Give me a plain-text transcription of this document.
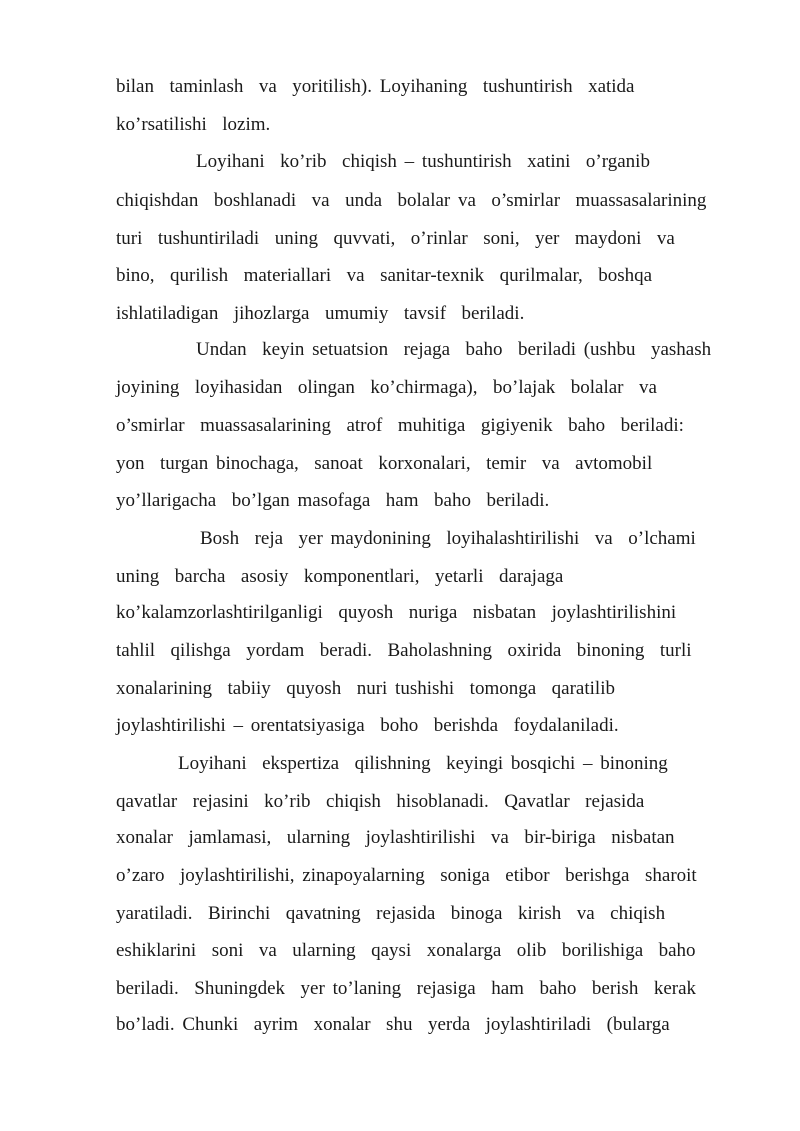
bilan  taminlash  va  yoritilish). Loyihaning  tushuntirish  xatida
ko’rsatilishi  lozim.
Loyihani  ko’rib  chiqish – tushuntirish  xatini  o’rganib
chiqishdan  boshlanadi  va  unda  bolalar va  o’smirlar  muassasalarining
turi  tushuntiriladi  uning  quvvati,  o’rinlar  soni,  yer  maydoni  va
bino,  qurilish  materiallari  va  sanitar-texnik  qurilmalar,  boshqa
ishlatiladigan  jihozlarga  umumiy  tavsif  beriladi.
Undan  keyin setuatsion  rejaga  baho  beriladi (ushbu  yashash
joyining  loyihasidan  olingan  ko’chirmaga),  bo’lajak  bolalar  va
o’smirlar  muassasalarining  atrof  muhitiga  gigiyenik  baho  beriladi:
yon  turgan binochaga,  sanoat  korxonalari,  temir  va  avtomobil
yo’llarigacha  bo’lgan masofaga  ham  baho  beriladi.
Bosh  reja  yer maydonining  loyihalashtirilishi  va  o’lchami
uning  barcha  asosiy  komponentlari,  yetarli  darajaga
ko’kalamzorlashtirilganligi  quyosh  nuriga  nisbatan  joylashtirilishini
tahlil  qilishga  yordam  beradi.  Baholashning  oxirida  binoning  turli
xonalarining  tabiiy  quyosh  nuri tushishi  tomonga  qaratilib
joylashtirilishi – orentatsiyasiga  boho  berishda  foydalaniladi.
Loyihani  ekspertiza  qilishning  keyingi bosqichi – binoning
qavatlar  rejasini  ko’rib  chiqish  hisoblanadi.  Qavatlar  rejasida
xonalar  jamlamasi,  ularning  joylashtirilishi  va  bir-biriga  nisbatan
o’zaro  joylashtirilishi, zinapoyalarning  soniga  etibor  berishga  sharoit
yaratiladi.  Birinchi  qavatning  rejasida  binoga  kirish  va  chiqish
eshiklarini  soni  va  ularning  qaysi  xonalarga  olib  borilishiga  baho
beriladi.  Shuningdek  yer to’laning  rejasiga  ham  baho  berish  kerak
bo’ladi. Chunki  ayrim  xonalar  shu  yerda  joylashtiriladi  (bularga
